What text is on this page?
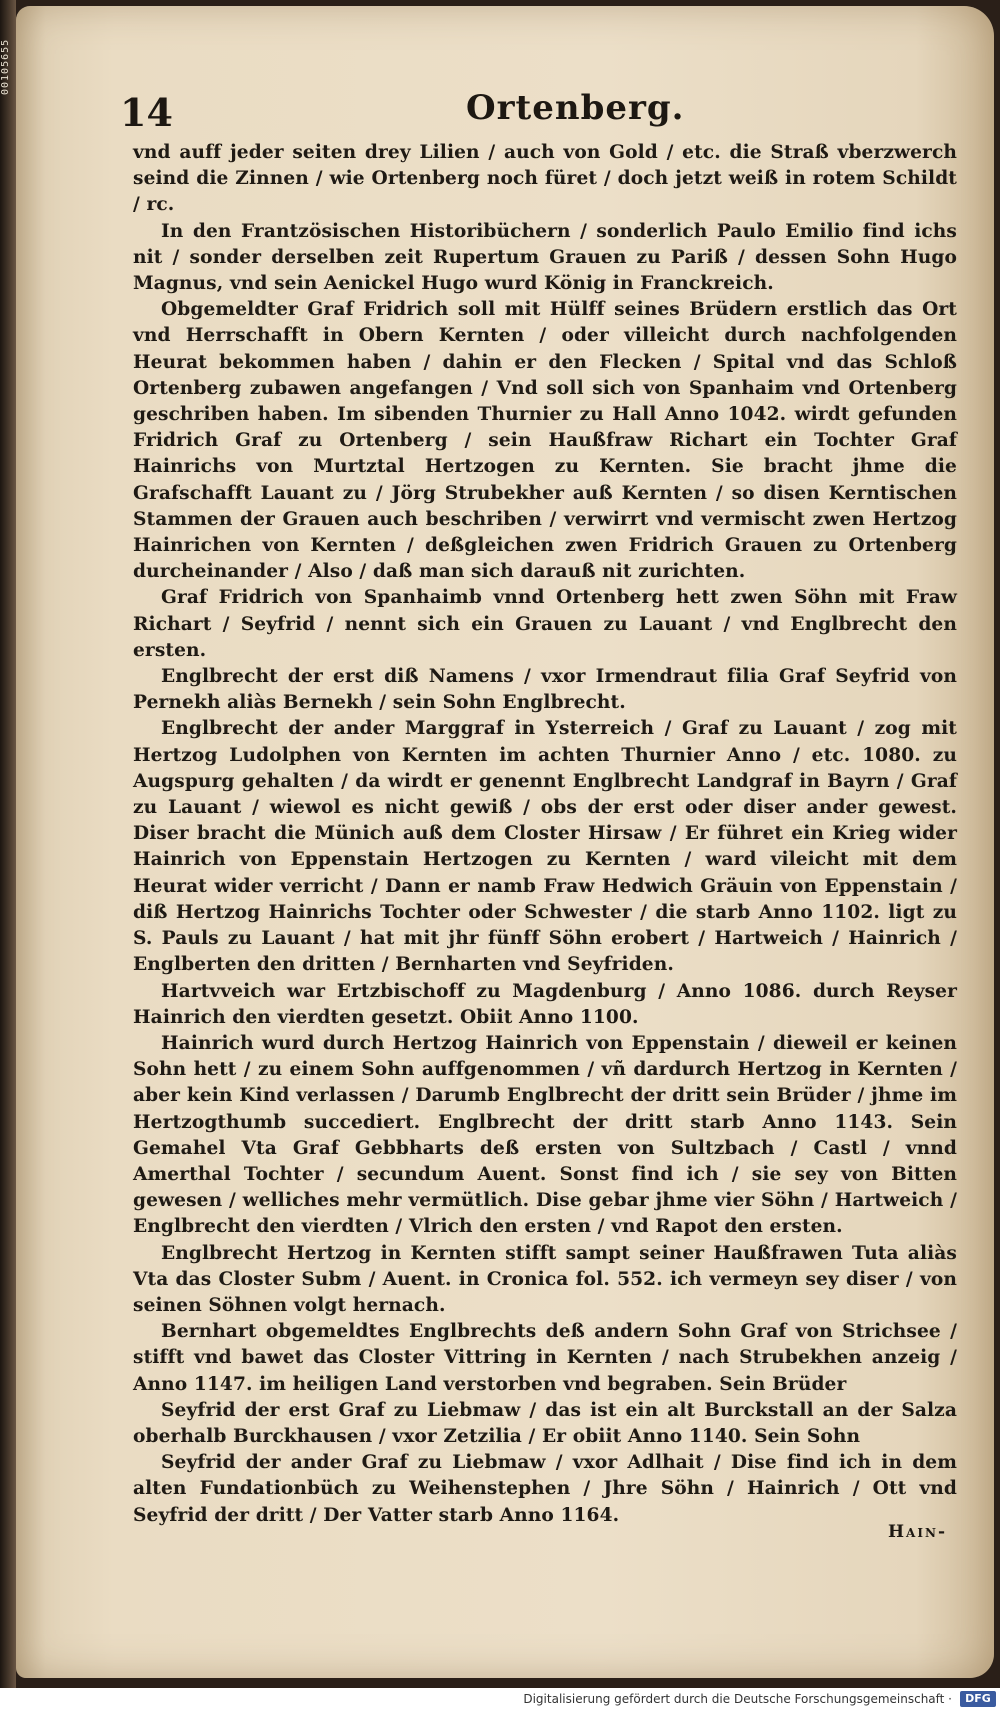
00105655
14	Ortenberg.

vnd auff jeder seiten drey Lilien / auch von Gold / etc. die Straß vberzwerch seind die Zinnen / wie Ortenberg noch füret / doch jetzt weiß in rotem Schildt / rc.

In den Frantzösischen Historibüchern / sonderlich Paulo Emilio find ichs nit / sonder derselben zeit Rupertum Grauen zu Pariß / dessen Sohn Hugo Magnus, vnd sein Aenickel Hugo wurd König in Franckreich.

Obgemeldter Graf Fridrich soll mit Hülff seines Brüdern erstlich das Ort vnd Herrschafft in Obern Kernten / oder villeicht durch nachfolgenden Heurat bekommen haben / dahin er den Flecken / Spital vnd das Schloß Ortenberg zubawen angefangen / Vnd soll sich von Spanhaim vnd Ortenberg geschriben haben. Im sibenden Thurnier zu Hall Anno 1042. wirdt gefunden Fridrich Graf zu Ortenberg / sein Haußfraw Richart ein Tochter Graf Hainrichs von Murtztal Hertzogen zu Kernten. Sie bracht jhme die Grafschafft Lauant zu / Jörg Strubekher auß Kernten / so disen Kerntischen Stammen der Grauen auch beschriben / verwirrt vnd vermischt zwen Hertzog Hainrichen von Kernten / deßgleichen zwen Fridrich Grauen zu Ortenberg durcheinander / Also / daß man sich darauß nit zurichten.

Graf Fridrich von Spanhaimb vnnd Ortenberg hett zwen Söhn mit Fraw Richart / Seyfrid / nennt sich ein Grauen zu Lauant / vnd Englbrecht den ersten.

Englbrecht der erst diß Namens / vxor Irmendraut filia Graf Seyfrid von Pernekh aliàs Bernekh / sein Sohn Englbrecht.

Englbrecht der ander Marggraf in Ysterreich / Graf zu Lauant / zog mit Hertzog Ludolphen von Kernten im achten Thurnier Anno / etc. 1080. zu Augspurg gehalten / da wirdt er genennt Englbrecht Landgraf in Bayrn / Graf zu Lauant / wiewol es nicht gewiß / obs der erst oder diser ander gewest. Diser bracht die Münich auß dem Closter Hirsaw / Er führet ein Krieg wider Hainrich von Eppenstain Hertzogen zu Kernten / ward vileicht mit dem Heurat wider verricht / Dann er namb Fraw Hedwich Gräuin von Eppenstain / diß Hertzog Hainrichs Tochter oder Schwester / die starb Anno 1102. ligt zu S. Pauls zu Lauant / hat mit jhr fünff Söhn erobert / Hartweich / Hainrich / Englberten den dritten / Bernharten vnd Seyfriden.

Hartvveich war Ertzbischoff zu Magdenburg / Anno 1086. durch Reyser Hainrich den vierdten gesetzt. Obiit Anno 1100.

Hainrich wurd durch Hertzog Hainrich von Eppenstain / dieweil er keinen Sohn hett / zu einem Sohn auffgenommen / vñ dardurch Hertzog in Kernten / aber kein Kind verlassen / Darumb Englbrecht der dritt sein Brüder / jhme im Hertzogthumb succediert. Englbrecht der dritt starb Anno 1143. Sein Gemahel Vta Graf Gebbharts deß ersten von Sultzbach / Castl / vnnd Amerthal Tochter / secundum Auent. Sonst find ich / sie sey von Bitten gewesen / welliches mehr vermütlich. Dise gebar jhme vier Söhn / Hartweich / Englbrecht den vierdten / Vlrich den ersten / vnd Rapot den ersten.

Englbrecht Hertzog in Kernten stifft sampt seiner Haußfrawen Tuta aliàs Vta das Closter Subm / Auent. in Cronica fol. 552. ich vermeyn sey diser / von seinen Söhnen volgt hernach.

Bernhart obgemeldtes Englbrechts deß andern Sohn Graf von Strichsee / stifft vnd bawet das Closter Vittring in Kernten / nach Strubekhen anzeig / Anno 1147. im heiligen Land verstorben vnd begraben. Sein Brüder

Seyfrid der erst Graf zu Liebmaw / das ist ein alt Burckstall an der Salza oberhalb Burckhausen / vxor Zetzilia / Er obiit Anno 1140. Sein Sohn

Seyfrid der ander Graf zu Liebmaw / vxor Adlhait / Dise find ich in dem alten Fundationbüch zu Weihenstephen / Jhre Söhn / Hainrich / Ott vnd Seyfrid der dritt / Der Vatter starb Anno 1164.

Hain-
Digitalisierung gefördert durch die Deutsche Forschungsgemeinschaft ·	DFG
